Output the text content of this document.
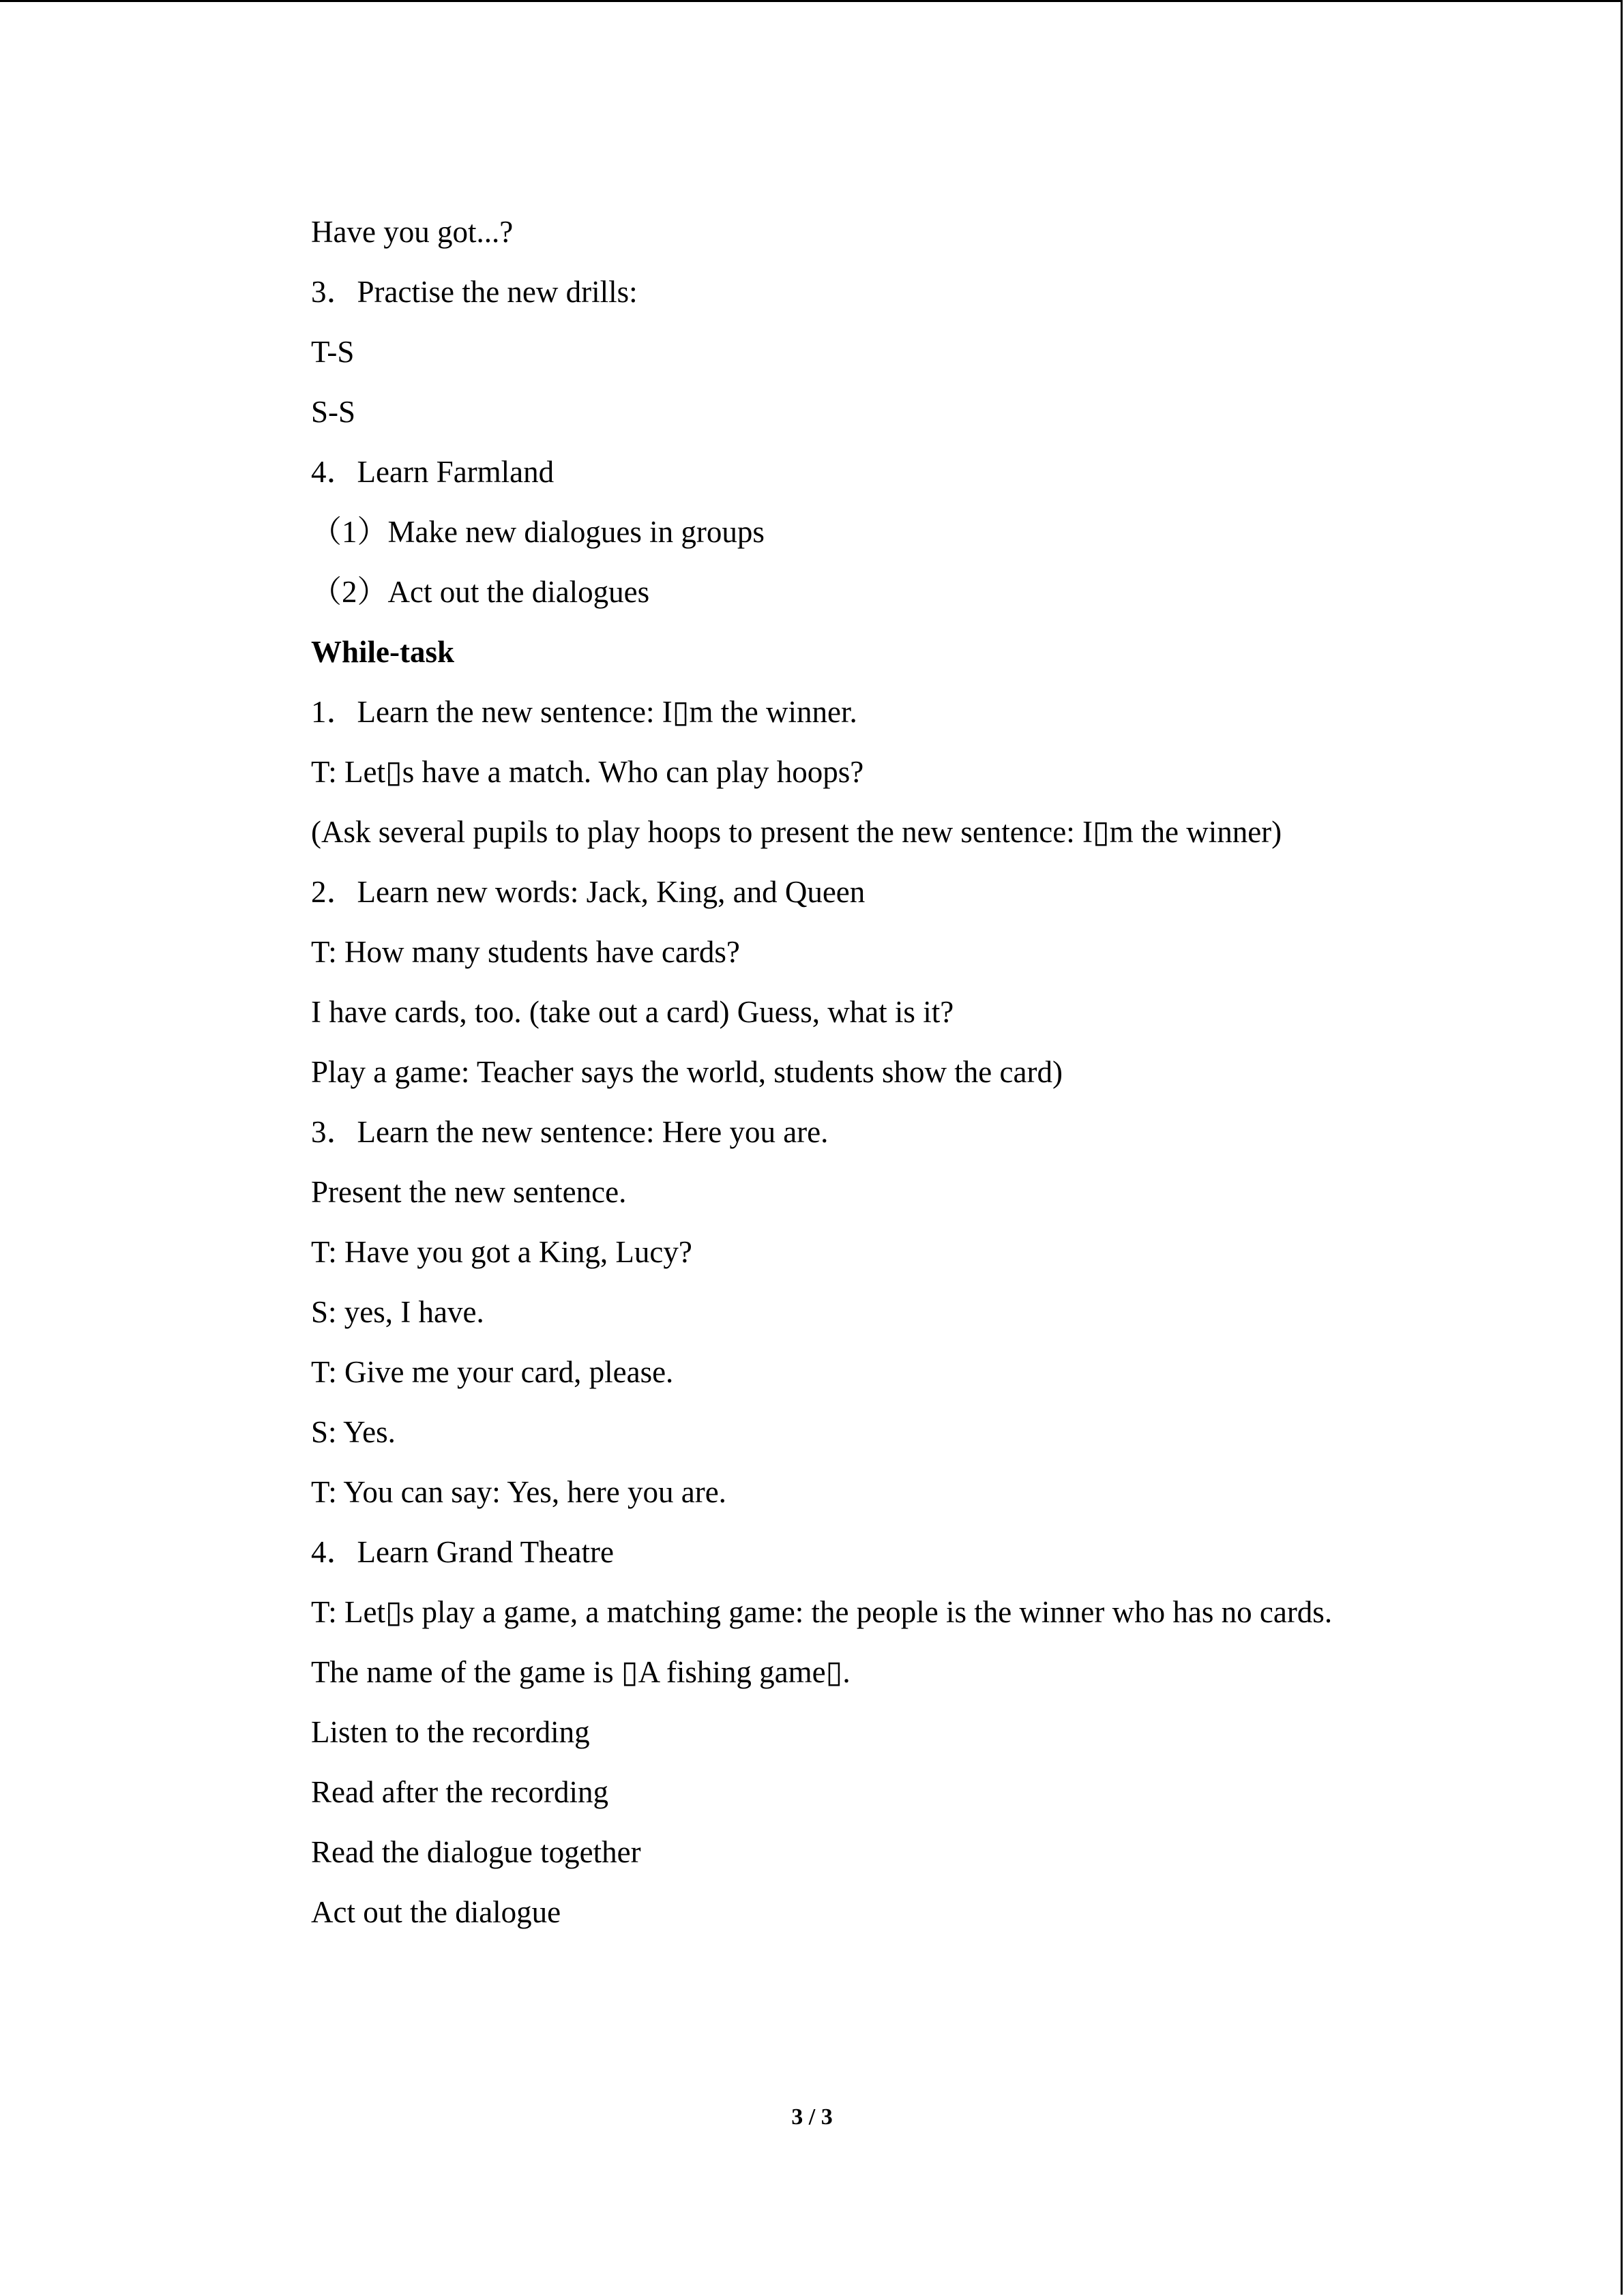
Have you got...?
3．Practise the new drills:
T-S
S-S
4．Learn Farmland
（1）Make new dialogues in groups
（2）Act out the dialogues
While-task
1．Learn the new sentence: I▯m the winner.
T: Let▯s have a match. Who can play hoops?
(Ask several pupils to play hoops to present the new sentence: I▯m the winner)
2．Learn new words: Jack, King, and Queen
T: How many students have cards?
I have cards, too. (take out a card) Guess, what is it?
Play a game: Teacher says the world, students show the card)
3．Learn the new sentence: Here you are.
Present the new sentence.
T: Have you got a King, Lucy?
S: yes, I have.
T: Give me your card, please.
S: Yes.
T: You can say: Yes, here you are.
4．Learn Grand Theatre
T: Let▯s play a game, a matching game: the people is the winner who has no cards.
The name of the game is ▯A fishing game▯.
Listen to the recording
Read after the recording
Read the dialogue together
Act out the dialogue
3 / 3
